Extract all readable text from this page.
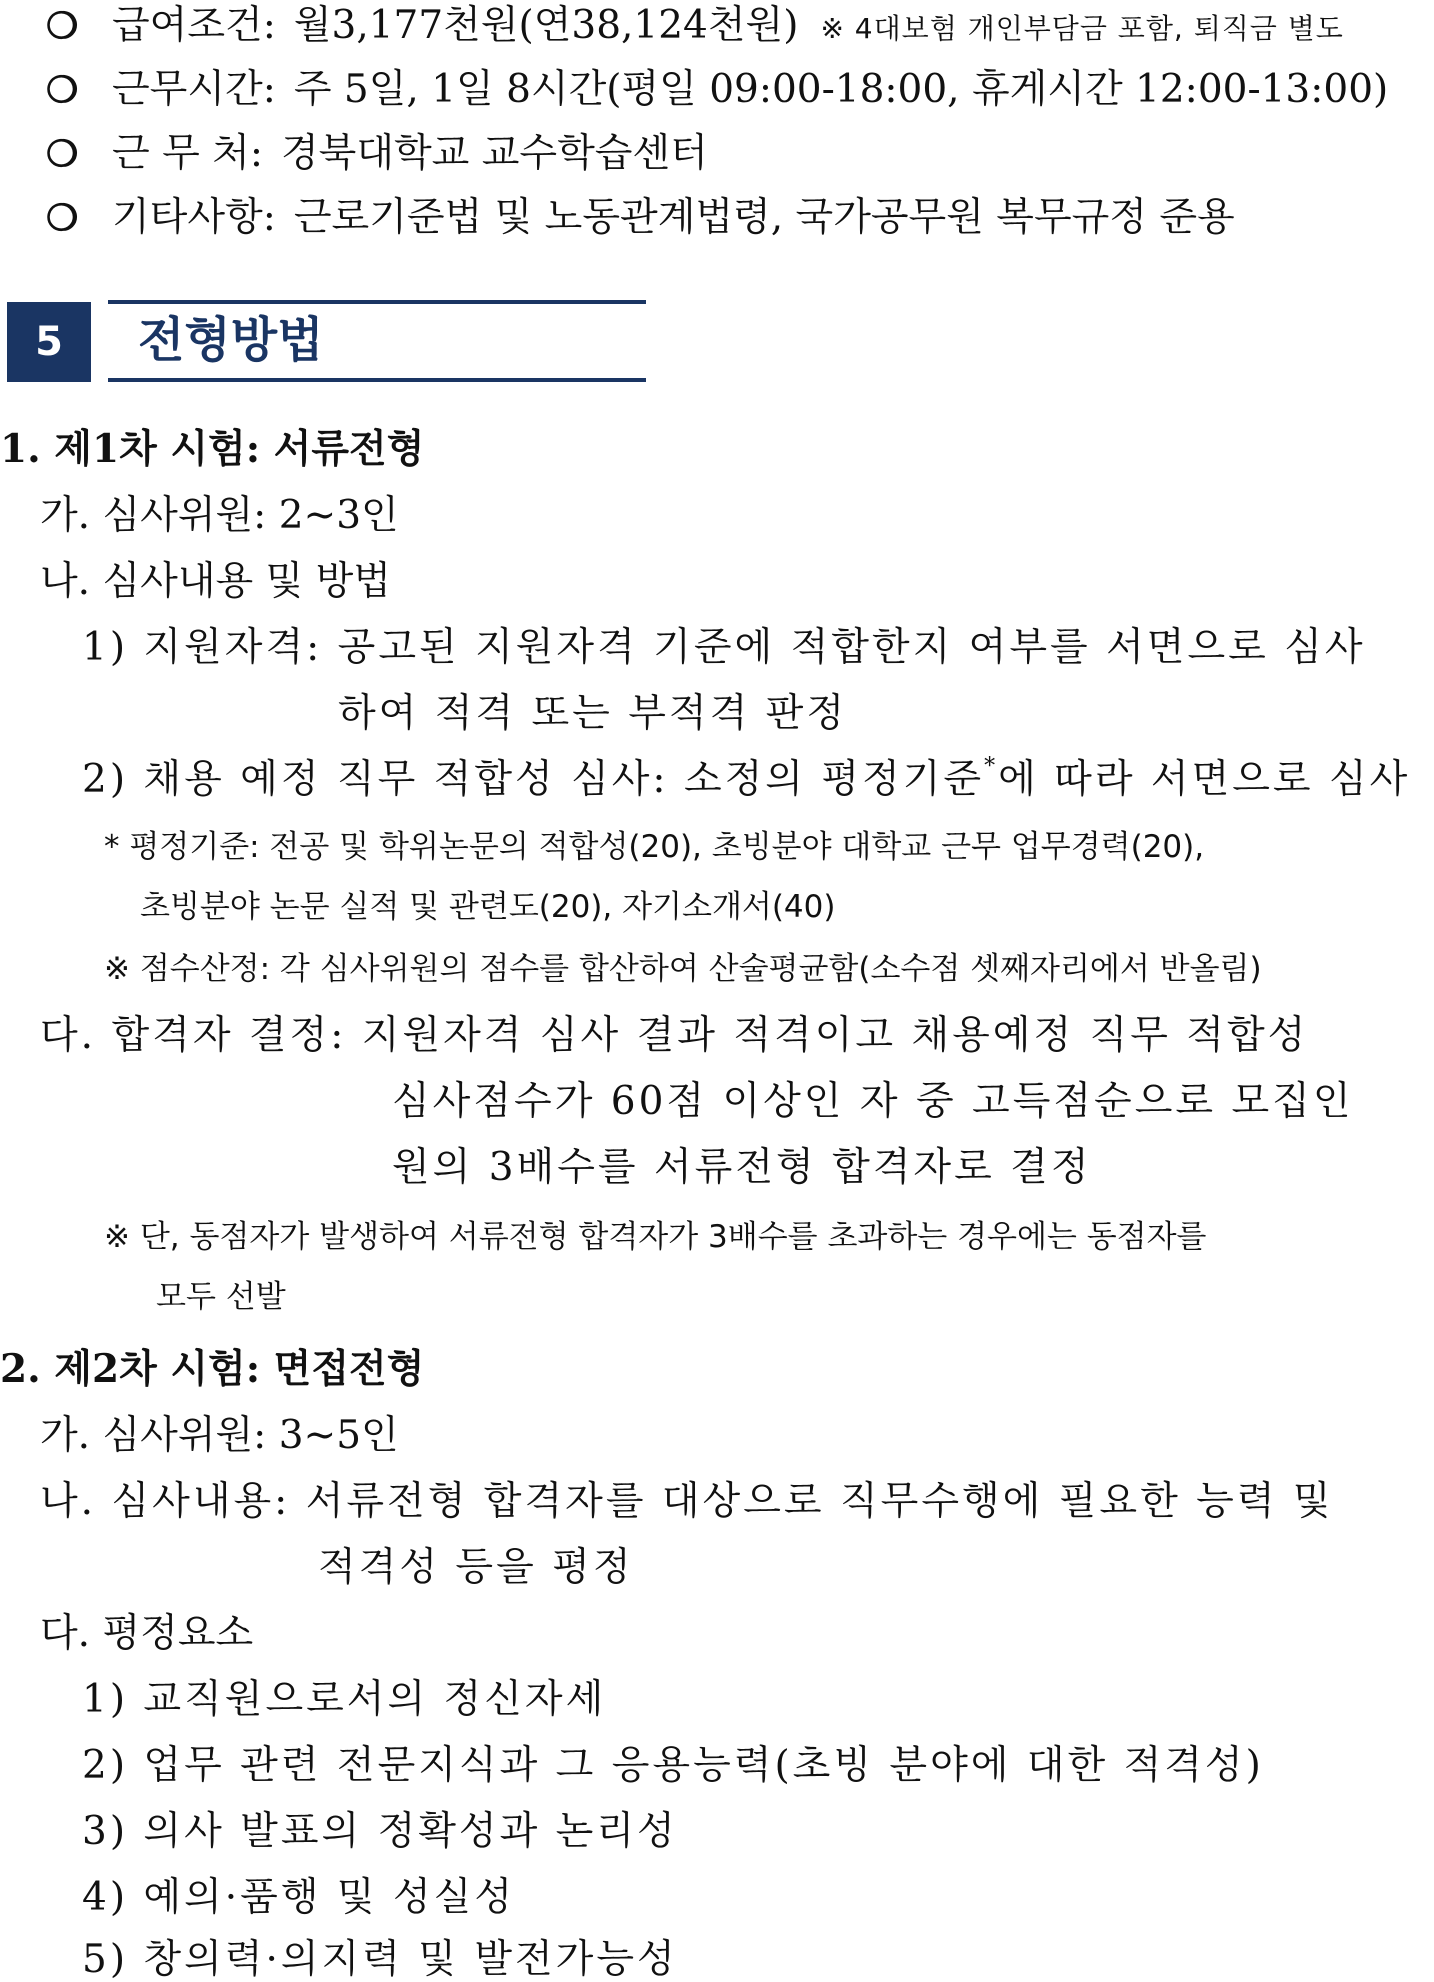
❍ 급여조건: 월3,177천원(연38,124천원) ※ 4대보험 개인부담금 포함, 퇴직금 별도
❍ 근무시간: 주 5일, 1일 8시간(평일 09:00-18:00, 휴게시간 12:00-13:00)
❍ 근 무 처: 경북대학교 교수학습센터
❍ 기타사항: 근로기준법 및 노동관계법령, 국가공무원 복무규정 준용
5	전형방법
1. 제1차 시험: 서류전형
가. 심사위원: 2~3인
나. 심사내용 및 방법
1) 지원자격: 공고된 지원자격 기준에 적합한지 여부를 서면으로 심사
하여 적격 또는 부적격 판정
2) 채용 예정 직무 적합성 심사: 소정의 평정기준*에 따라 서면으로 심사
* 평정기준: 전공 및 학위논문의 적합성(20), 초빙분야 대학교 근무 업무경력(20),
초빙분야 논문 실적 및 관련도(20), 자기소개서(40)
※ 점수산정: 각 심사위원의 점수를 합산하여 산술평균함(소수점 셋째자리에서 반올림)
다. 합격자 결정: 지원자격 심사 결과 적격이고 채용예정 직무 적합성
심사점수가 60점 이상인 자 중 고득점순으로 모집인
원의 3배수를 서류전형 합격자로 결정
※ 단, 동점자가 발생하여 서류전형 합격자가 3배수를 초과하는 경우에는 동점자를
모두 선발
2. 제2차 시험: 면접전형
가. 심사위원: 3~5인
나. 심사내용: 서류전형 합격자를 대상으로 직무수행에 필요한 능력 및
적격성 등을 평정
다. 평정요소
1) 교직원으로서의 정신자세
2) 업무 관련 전문지식과 그 응용능력(초빙 분야에 대한 적격성)
3) 의사 발표의 정확성과 논리성
4) 예의·품행 및 성실성
5) 창의력·의지력 및 발전가능성
